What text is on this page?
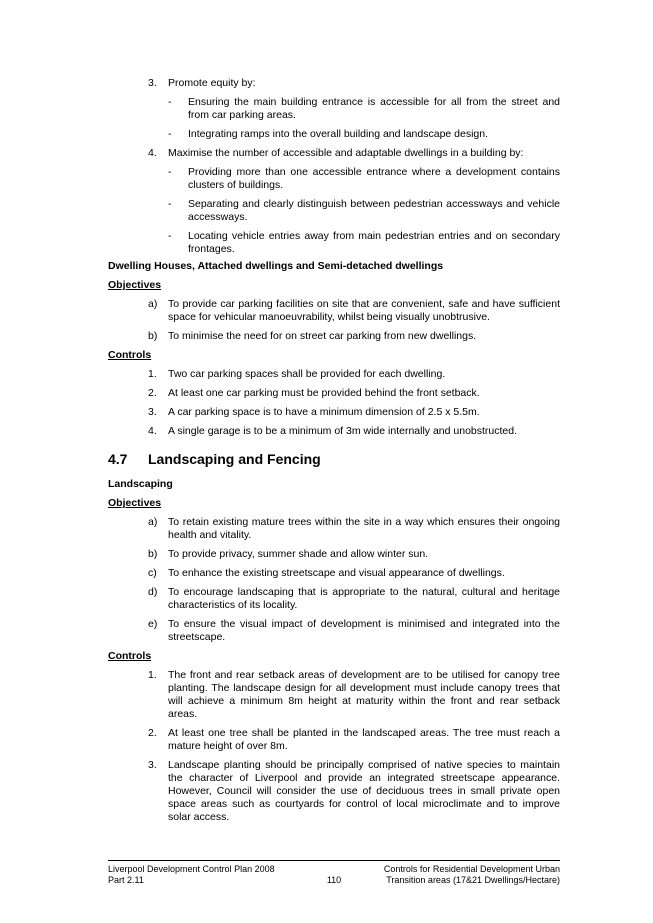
3.	Promote equity by:
-	Ensuring the main building entrance is accessible for all from the street and from car parking areas.
-	Integrating ramps into the overall building and landscape design.
4.	Maximise the number of accessible and adaptable dwellings in a building by:
-	Providing more than one accessible entrance where a development contains clusters of buildings.
-	Separating and clearly distinguish between pedestrian accessways and vehicle accessways.
-	Locating vehicle entries away from main pedestrian entries and on secondary frontages.
Dwelling Houses, Attached dwellings and Semi-detached dwellings
Objectives
a)	To provide car parking facilities on site that are convenient, safe and have sufficient space for vehicular manoeuvrability, whilst being visually unobtrusive.
b)	To minimise the need for on street car parking from new dwellings.
Controls
1.	Two car parking spaces shall be provided for each dwelling.
2.	At least one car parking must be provided behind the front setback.
3.	A car parking space is to have a minimum dimension of 2.5 x 5.5m.
4.	A single garage is to be a minimum of 3m wide internally and unobstructed.
4.7	Landscaping and Fencing
Landscaping
Objectives
a)	To retain existing mature trees within the site in a way which ensures their ongoing health and vitality.
b)	To provide privacy, summer shade and allow winter sun.
c)	To enhance the existing streetscape and visual appearance of dwellings.
d)	To encourage landscaping that is appropriate to the natural, cultural and heritage characteristics of its locality.
e)	To ensure the visual impact of development is minimised and integrated into the streetscape.
Controls
1.	The front and rear setback areas of development are to be utilised for canopy tree planting. The landscape design for all development must include canopy trees that will achieve a minimum 8m height at maturity within the front and rear setback areas.
2.	At least one tree shall be planted in the landscaped areas. The tree must reach a mature height of over 8m.
3.	Landscape planting should be principally comprised of native species to maintain the character of Liverpool and provide an integrated streetscape appearance. However, Council will consider the use of deciduous trees in small private open space areas such as courtyards for control of local microclimate and to improve solar access.
Liverpool Development Control Plan 2008
Part 2.11	110
Controls for Residential Development Urban
Transition areas (17&21 Dwellings/Hectare)
